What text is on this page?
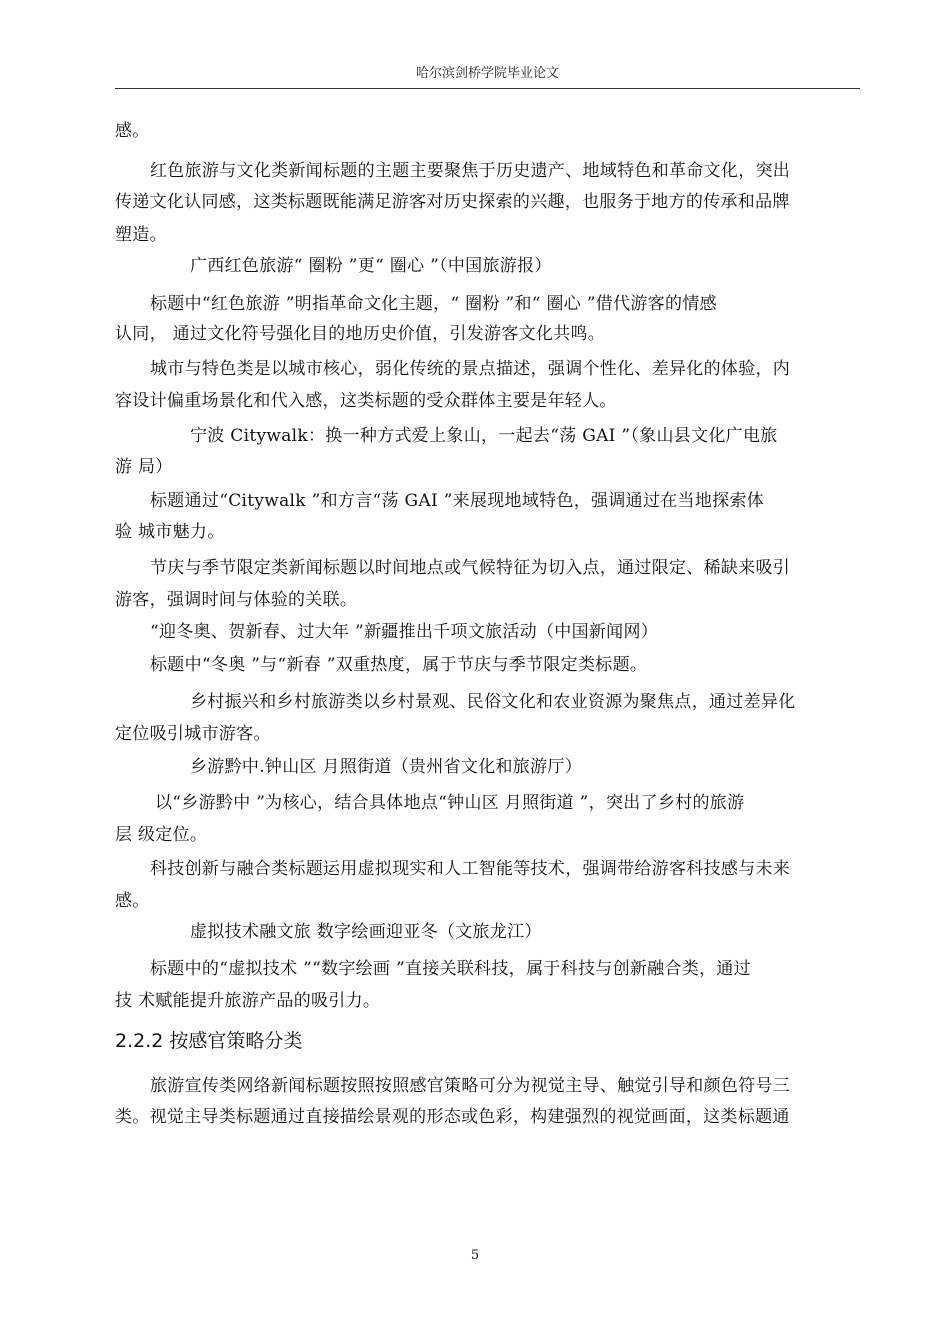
哈尔滨剑桥学院毕业论文
感。
红色旅游与文化类新闻标题的主题主要聚焦于历史遗产、地域特色和革命文化，突出
传递文化认同感，这类标题既能满足游客对历史探索的兴趣，也服务于地方的传承和品牌
塑造。
广西红色旅游“ 圈粉 ”更“ 圈心 ”（中国旅游报）
标题中“红色旅游 ”明指革命文化主题，“ 圈粉 ”和“ 圈心 ”借代游客的情感
认同， 通过文化符号强化目的地历史价值，引发游客文化共鸣。
城市与特色类是以城市核心，弱化传统的景点描述，强调个性化、差异化的体验，内
容设计偏重场景化和代入感，这类标题的受众群体主要是年轻人。
宁波 Citywalk：换一种方式爱上象山，一起去“荡 GAI ”（象山县文化广电旅
游 局）
标题通过“Citywalk ”和方言“荡 GAI ”来展现地域特色，强调通过在当地探索体
验 城市魅力。
节庆与季节限定类新闻标题以时间地点或气候特征为切入点，通过限定、稀缺来吸引
游客，强调时间与体验的关联。
“迎冬奥、贺新春、过大年 ”新疆推出千项文旅活动（中国新闻网）
标题中“冬奥 ”与“新春 ”双重热度，属于节庆与季节限定类标题。
乡村振兴和乡村旅游类以乡村景观、民俗文化和农业资源为聚焦点，通过差异化
定位吸引城市游客。
乡游黔中.钟山区 月照街道（贵州省文化和旅游厅）
以“乡游黔中 ”为核心，结合具体地点“钟山区 月照街道 ”，突出了乡村的旅游
层 级定位。
科技创新与融合类标题运用虚拟现实和人工智能等技术，强调带给游客科技感与未来
感。
虚拟技术融文旅 数字绘画迎亚冬（文旅龙江）
标题中的“虚拟技术 ”“数字绘画 ”直接关联科技，属于科技与创新融合类，通过
技 术赋能提升旅游产品的吸引力。
2.2.2 按感官策略分类
旅游宣传类网络新闻标题按照按照感官策略可分为视觉主导、触觉引导和颜色符号三
类。视觉主导类标题通过直接描绘景观的形态或色彩，构建强烈的视觉画面，这类标题通
5
